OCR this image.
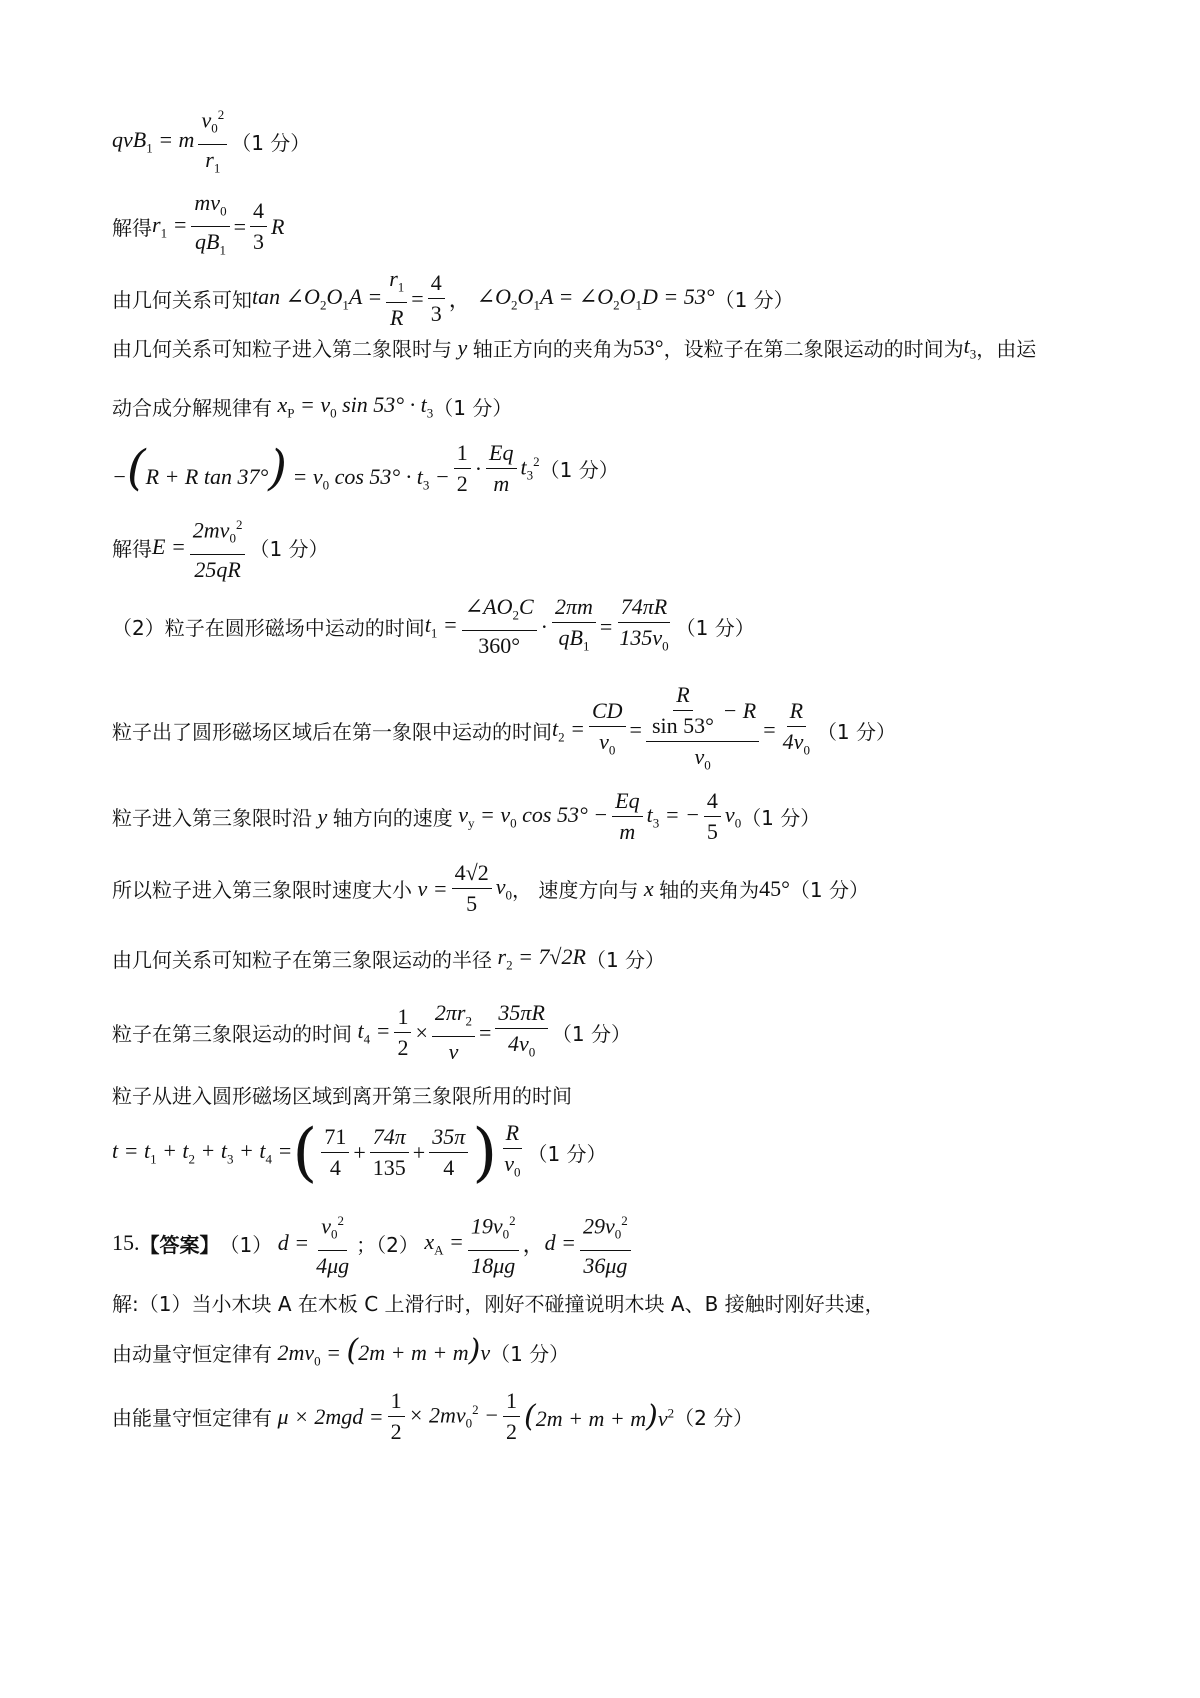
qvB$_1$ = m $\frac{v_0^2}{r_1} (1$ 分）
解得 $r_1 = \frac{mv_0}{qB_1} = \frac{4}{3}$ R
由几何关系可知 $\tan \angle O_2O_1A = \frac{r_1}{R} = \frac{4}{3}$ ， $\angle O_2O_1A$ = $\angle O_2O_1D = 53^\circ$ （1 分）
由几何关系可知粒子进入第二象限时与 y 轴正方向的夹角为 53° ，设粒子在第二象限运动的时间为 $t_3$ ，由运
动合成分解规律有 $x_P = v_0$ $\sin 53^\circ \cdot t_3$ （1 分）
−(R + R $\tan 37^\circ) = v_0$ $\cos 53^\circ \cdot t_3 - \frac{1}{2} \cdot \frac{Eq}{m} t_3^2$ （1 分）
解得 $E = \frac{2mv_0^2}{25qR} (1$ 分）
（2）粒子在圆形磁场中运动的时间 $t_1 = \frac{\angle AO_2C}{360^\circ} \cdot \frac{2\pi m}{qB_1} = \frac{74\pi R}{135v_0} (1$ 分）
粒子出了圆形磁场区域后在第一象限中运动的时间 $t_2 = \frac{CD}{v_0} = \frac{\frac{R}{\sin 53^\circ} - R}{v_0} = \frac{R}{4v_0} (1$ 分）
粒子进入第三象限时沿 y 轴方向的速度 $v_y = v_0$ $\cos 53^\circ - \frac{Eq}{m} t_3$ = − $\frac{4}{5} v_0$ （1 分）
所以粒子进入第三象限时速度大小 $v = \frac{4√2}{5} v_0$ ， 速度方向与 x 轴的夹角为 45° （1 分）
由几何关系可知粒子在第三象限运动的半径 $r_2 = 7√2R$ （1 分）
粒子在第三象限运动的时间 $t_4 = \frac{1}{2} \times \frac{2\pi r_2}{v} = \frac{35\pi R}{4v_0} (1$ 分）
粒子从进入圆形磁场区域到离开第三象限所用的时间
$t = t_1 + t_2 + t_3 + t_4$ = ( $\frac{71}{4} + \frac{74\pi}{135} + \frac{35\pi}{4}$ ) $\frac{R}{v_0} (1$ 分）
15. 【答案】 （1） $d = \frac{v_0^2}{4\mu g}$ ；（2） $x_A = \frac{19v_0^2}{18\mu g}$ ， $d = \frac{29v_0^2}{36\mu g}$
解:（1）当小木块 A 在木板 C 上滑行时，刚好不碰撞说明木块 A、B 接触时刚好共速，
由动量守恒定律有 $2mv_0 = (2m + m + m)v$ （1 分）
由能量守恒定律有 $\mu \times 2mgd = \frac{1}{2} \times 2mv_0^2 - \frac{1}{2} (2m + m + m)v^2$ （2 分）
